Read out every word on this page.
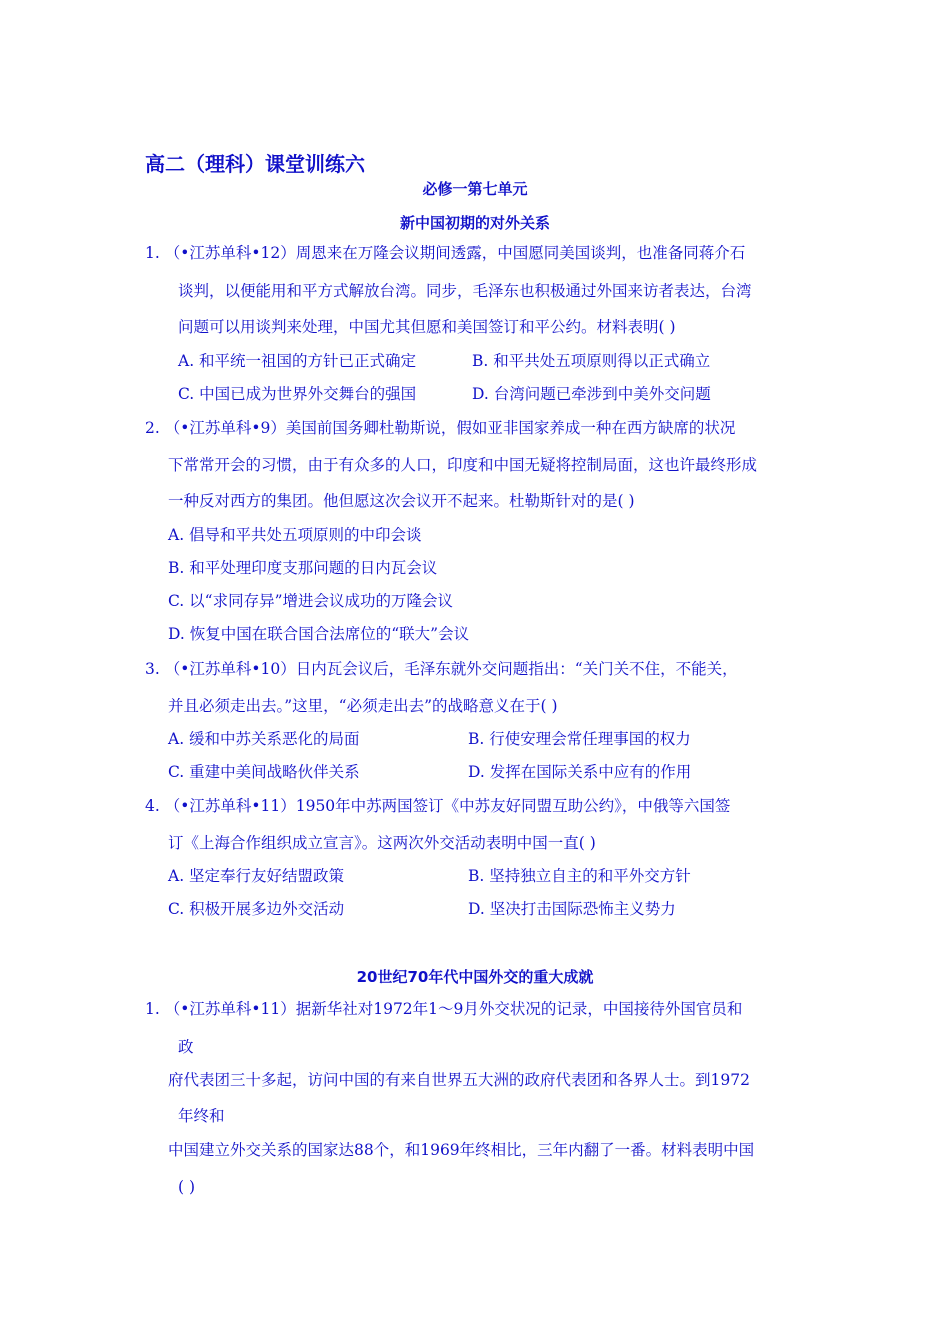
高二（理科）课堂训练六
必修一第七单元
新中国初期的对外关系
1. （•江苏单科•12）周恩来在万隆会议期间透露，中国愿同美国谈判，也准备同蒋介石
谈判，以便能用和平方式解放台湾。同步，毛泽东也积极通过外国来访者表达，台湾
问题可以用谈判来处理，中国尤其但愿和美国签订和平公约。材料表明( )
A. 和平统一祖国的方针已正式确定	B. 和平共处五项原则得以正式确立
C. 中国已成为世界外交舞台的强国	D. 台湾问题已牵涉到中美外交问题
2. （•江苏单科•9）美国前国务卿杜勒斯说，假如亚非国家养成一种在西方缺席的状况
下常常开会的习惯，由于有众多的人口，印度和中国无疑将控制局面，这也许最终形成
一种反对西方的集团。他但愿这次会议开不起来。杜勒斯针对的是( )
A. 倡导和平共处五项原则的中印会谈
B. 和平处理印度支那问题的日内瓦会议
C. 以“求同存异”增进会议成功的万隆会议
D. 恢复中国在联合国合法席位的“联大”会议
3. （•江苏单科•10）日内瓦会议后，毛泽东就外交问题指出：“关门关不住，不能关，
并且必须走出去。”这里，“必须走出去”的战略意义在于( )
A. 缓和中苏关系恶化的局面	B. 行使安理会常任理事国的权力
C. 重建中美间战略伙伴关系	D. 发挥在国际关系中应有的作用
4. （•江苏单科•11）1950年中苏两国签订《中苏友好同盟互助公约》，中俄等六国签
订《上海合作组织成立宣言》。这两次外交活动表明中国一直( )
A. 坚定奉行友好结盟政策	B. 坚持独立自主的和平外交方针
C. 积极开展多边外交活动	D. 坚决打击国际恐怖主义势力
20世纪70年代中国外交的重大成就
1. （•江苏单科•11）据新华社对1972年1～9月外交状况的记录，中国接待外国官员和
政
府代表团三十多起，访问中国的有来自世界五大洲的政府代表团和各界人士。到1972
年终和
中国建立外交关系的国家达88个，和1969年终相比，三年内翻了一番。材料表明中国
( )
